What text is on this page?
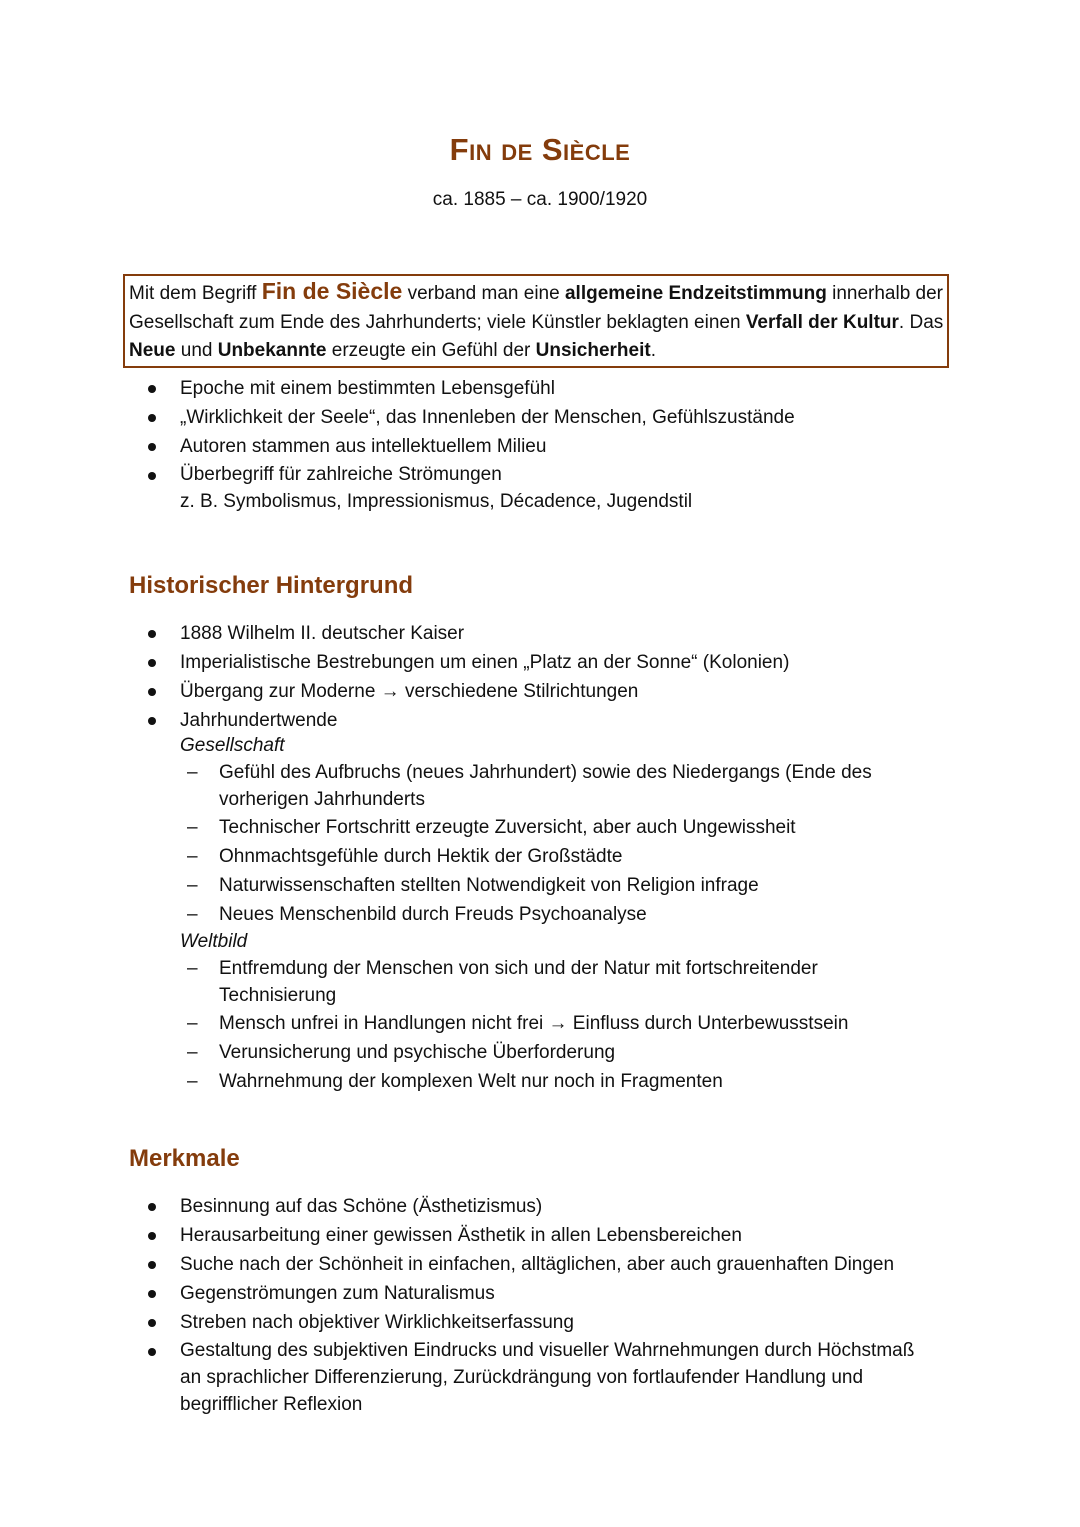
Fin de Siècle
ca. 1885 – ca. 1900/1920
Mit dem Begriff Fin de Siècle verband man eine allgemeine Endzeitstimmung innerhalb der Gesellschaft zum Ende des Jahrhunderts; viele Künstler beklagten einen Verfall der Kultur. Das Neue und Unbekannte erzeugte ein Gefühl der Unsicherheit.
Epoche mit einem bestimmten Lebensgefühl
„Wirklichkeit der Seele“, das Innenleben der Menschen, Gefühlszustände
Autoren stammen aus intellektuellem Milieu
Überbegriff für zahlreiche Strömungen
z. B. Symbolismus, Impressionismus, Décadence, Jugendstil
Historischer Hintergrund
1888 Wilhelm II. deutscher Kaiser
Imperialistische Bestrebungen um einen „Platz an der Sonne“ (Kolonien)
Übergang zur Moderne → verschiedene Stilrichtungen
Jahrhundertwende
Gesellschaft
– Gefühl des Aufbruchs (neues Jahrhundert) sowie des Niedergangs (Ende des
vorherigen Jahrhunderts
– Technischer Fortschritt erzeugte Zuversicht, aber auch Ungewissheit
– Ohnmachtsgefühle durch Hektik der Großstädte
– Naturwissenschaften stellten Notwendigkeit von Religion infrage
– Neues Menschenbild durch Freuds Psychoanalyse
Weltbild
– Entfremdung der Menschen von sich und der Natur mit fortschreitender
Technisierung
– Mensch unfrei in Handlungen nicht frei → Einfluss durch Unterbewusstsein
– Verunsicherung und psychische Überforderung
– Wahrnehmung der komplexen Welt nur noch in Fragmenten
Merkmale
Besinnung auf das Schöne (Ästhetizismus)
Herausarbeitung einer gewissen Ästhetik in allen Lebensbereichen
Suche nach der Schönheit in einfachen, alltäglichen, aber auch grauenhaften Dingen
Gegenströmungen zum Naturalismus
Streben nach objektiver Wirklichkeitserfassung
Gestaltung des subjektiven Eindrucks und visueller Wahrnehmungen durch Höchstmaß
an sprachlicher Differenzierung, Zurückdrängung von fortlaufender Handlung und
begrifflicher Reflexion
